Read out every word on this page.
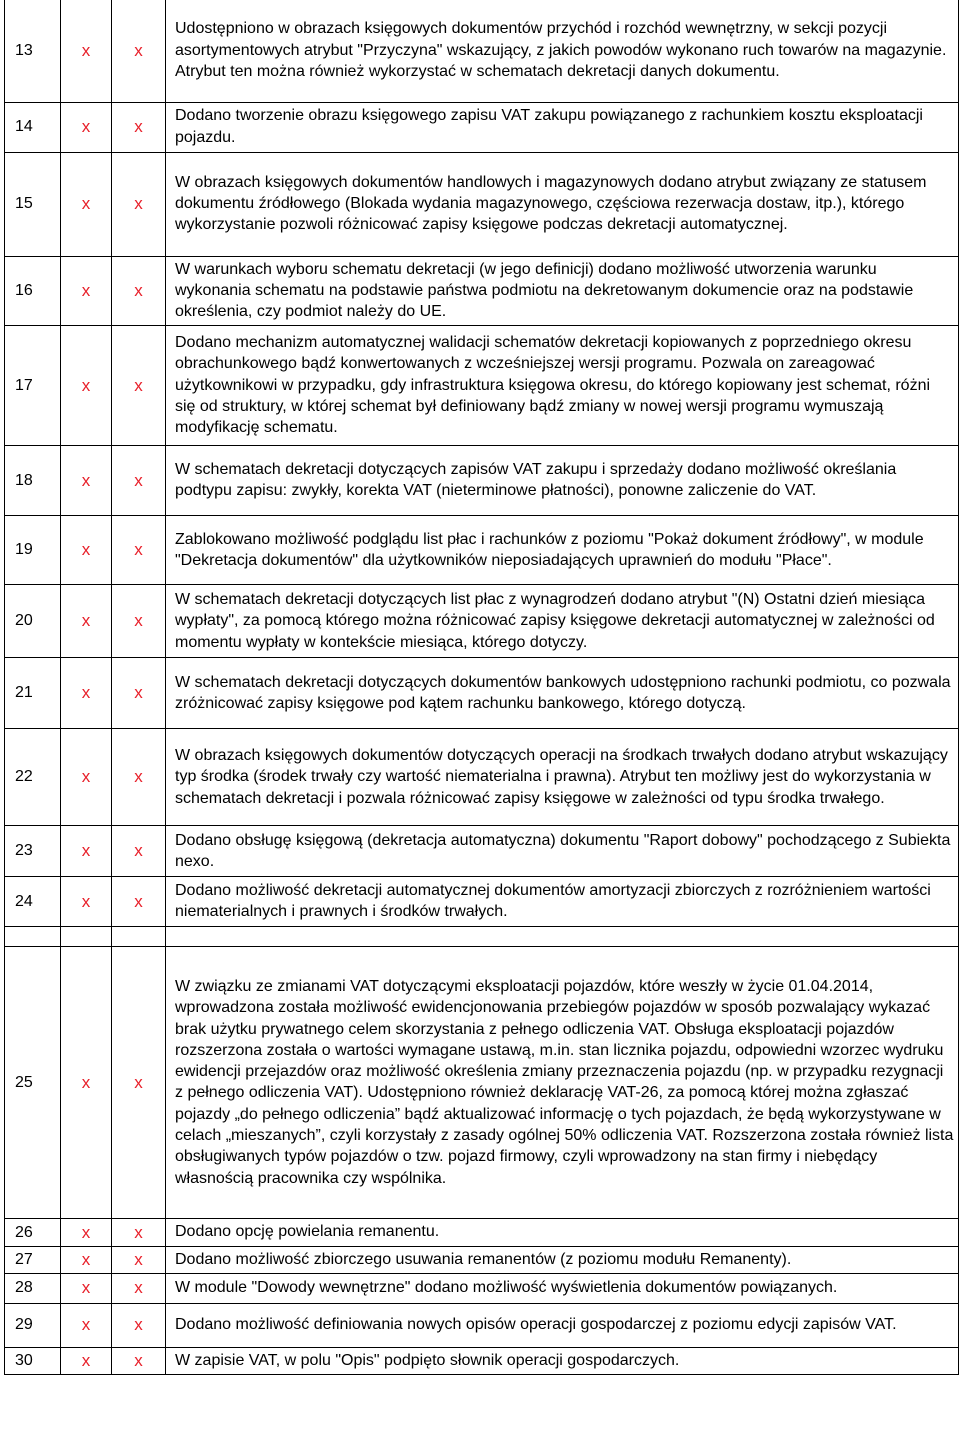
13	x	x	Udostępniono w obrazach księgowych dokumentów przychód i rozchód wewnętrzny, w sekcji pozycji asortymentowych atrybut "Przyczyna" wskazujący, z jakich powodów wykonano ruch towarów na magazynie. Atrybut ten można również wykorzystać w schematach dekretacji danych dokumentu.
14	x	x	Dodano tworzenie obrazu księgowego zapisu VAT zakupu powiązanego z rachunkiem kosztu eksploatacji pojazdu.
15	x	x	W obrazach księgowych dokumentów handlowych i magazynowych dodano atrybut związany ze statusem dokumentu źródłowego (Blokada wydania magazynowego, częściowa rezerwacja dostaw, itp.), którego wykorzystanie pozwoli różnicować zapisy księgowe podczas dekretacji automatycznej.
16	x	x	W warunkach wyboru schematu dekretacji (w jego definicji) dodano możliwość utworzenia warunku wykonania schematu na podstawie państwa podmiotu na dekretowanym dokumencie oraz na podstawie określenia, czy podmiot należy do UE.
17	x	x	Dodano mechanizm automatycznej walidacji schematów dekretacji kopiowanych z poprzedniego okresu obrachunkowego bądź konwertowanych z wcześniejszej wersji programu. Pozwala on zareagować użytkownikowi w przypadku, gdy infrastruktura księgowa okresu, do którego kopiowany jest schemat, różni się od struktury, w której schemat był definiowany bądź zmiany w nowej wersji programu wymuszają modyfikację schematu.
18	x	x	W schematach dekretacji dotyczących zapisów VAT zakupu i sprzedaży dodano możliwość określania podtypu zapisu: zwykły, korekta VAT (nieterminowe płatności), ponowne zaliczenie do VAT.
19	x	x	Zablokowano możliwość podglądu list płac i rachunków z poziomu "Pokaż dokument źródłowy", w module "Dekretacja dokumentów" dla użytkowników nieposiadających uprawnień do modułu "Płace".
20	x	x	W schematach dekretacji dotyczących list płac z wynagrodzeń dodano atrybut "(N) Ostatni dzień miesiąca wypłaty", za pomocą którego można różnicować zapisy księgowe dekretacji automatycznej w zależności od momentu wypłaty w kontekście miesiąca, którego dotyczy.
21	x	x	W schematach dekretacji dotyczących dokumentów bankowych udostępniono rachunki podmiotu, co pozwala zróżnicować zapisy księgowe pod kątem rachunku bankowego, którego dotyczą.
22	x	x	W obrazach księgowych dokumentów dotyczących operacji na środkach trwałych dodano atrybut wskazujący typ środka (środek trwały czy wartość niematerialna i prawna). Atrybut ten możliwy jest do wykorzystania w schematach dekretacji i pozwala różnicować zapisy księgowe w zależności od typu środka trwałego.
23	x	x	Dodano obsługę księgową (dekretacja automatyczna) dokumentu "Raport dobowy" pochodzącego z Subiekta nexo.
24	x	x	Dodano możliwość dekretacji automatycznej dokumentów amortyzacji zbiorczych z rozróżnieniem wartości niematerialnych i prawnych i środków trwałych.

25	x	x	W związku ze zmianami VAT dotyczącymi eksploatacji pojazdów, które weszły w życie 01.04.2014, wprowadzona została możliwość ewidencjonowania przebiegów pojazdów w sposób pozwalający wykazać brak użytku prywatnego celem skorzystania z pełnego odliczenia VAT. Obsługa eksploatacji pojazdów rozszerzona została o wartości wymagane ustawą, m.in. stan licznika pojazdu, odpowiedni wzorzec wydruku ewidencji przejazdów oraz możliwość określenia zmiany przeznaczenia pojazdu (np. w przypadku rezygnacji z pełnego odliczenia VAT). Udostępniono również deklarację VAT-26, za pomocą której można zgłaszać pojazdy „do pełnego odliczenia” bądź aktualizować informację o tych pojazdach, że będą wykorzystywane w celach „mieszanych”, czyli korzystały z zasady ogólnej 50% odliczenia VAT. Rozszerzona została również lista obsługiwanych typów pojazdów o tzw. pojazd firmowy, czyli wprowadzony na stan firmy i niebędący własnością pracownika czy wspólnika.
26	x	x	Dodano opcję powielania remanentu.
27	x	x	Dodano możliwość zbiorczego usuwania remanentów (z poziomu modułu Remanenty).
28	x	x	W module "Dowody wewnętrzne" dodano możliwość wyświetlenia dokumentów powiązanych.
29	x	x	Dodano możliwość definiowania nowych opisów operacji gospodarczej z poziomu edycji zapisów VAT.
30	x	x	W zapisie VAT, w polu "Opis" podpięto słownik operacji gospodarczych.
